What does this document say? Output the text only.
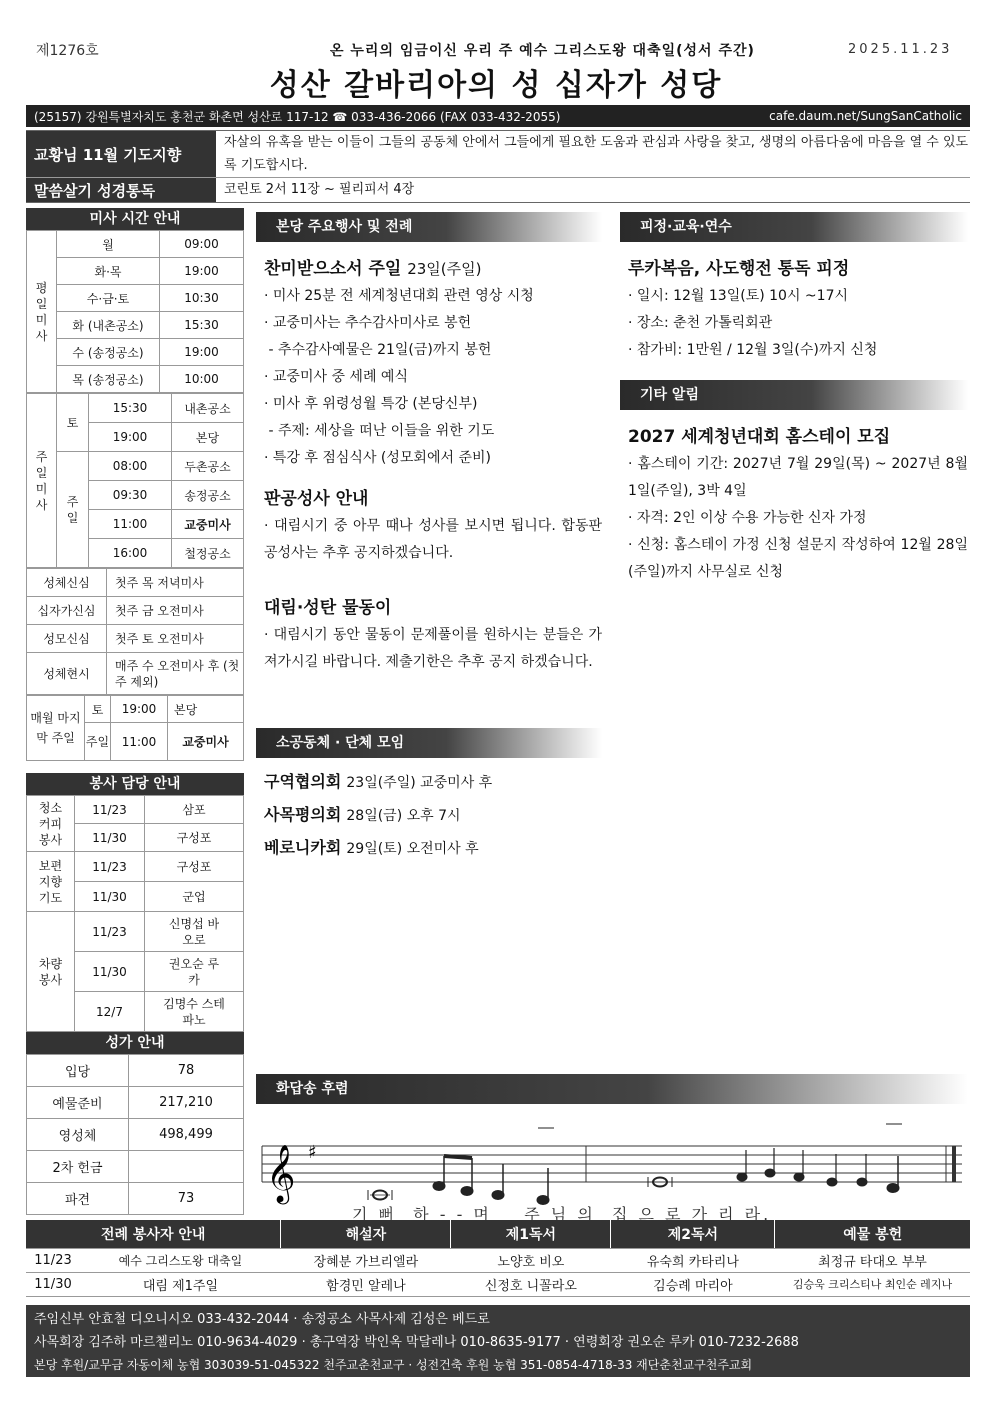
제1276호	온 누리의 임금이신 우리 주 예수 그리스도왕 대축일(성서 주간)	2025.11.23
성산 갈바리아의 성 십자가 성당
(25157) 강원특별자치도 홍천군 화촌면 성산로 117-12 ☎ 033-436-2066 (FAX 033-432-2055)	cafe.daum.net/SungSanCatholic
교황님 11월 기도지향
자살의 유혹을 받는 이들이 그들의 공동체 안에서 그들에게 필요한 도움과 관심과 사랑을 찾고, 생명의 아름다움에 마음을 열 수 있도록 기도합시다.
말씀살기 성경통독	코린토 2서 11장 ~ 필리피서 4장
미사 시간 안내
평일미사	월	09:00
	화·목	19:00
	수·금·토	10:30
	화 (내촌공소)	15:30
	수 (송정공소)	19:00
	목 (송정공소)	10:00
주일미사	토	15:30	내촌공소
		19:00	본당
	주일	08:00	두촌공소
		09:30	송정공소
		11:00	교중미사
		16:00	철정공소
성체신심	첫주 목 저녁미사
십자가신심	첫주 금 오전미사
성모신심	첫주 토 오전미사
성체현시	매주 수 오전미사 후 (첫 주 제외)
매월 마지막 주일	토	19:00	본당
	주일	11:00	교중미사
봉사 담당 안내
청소 커피 봉사	11/23	삼포
	11/30	구성포
보편 지향 기도	11/23	구성포
	11/30	군업
차량 봉사	11/23	신명섭 바오로
	11/30	권오순 루카
	12/7	김명수 스테파노
성가 안내
입당	78
예물준비	217,210
영성체	498,499
2차 헌금	
파견	73
본당 주요행사 및 전례
찬미받으소서 주일 23일(주일)
· 미사 25분 전 세계청년대회 관련 영상 시청
· 교중미사는 추수감사미사로 봉헌
- 추수감사예물은 21일(금)까지 봉헌
· 교중미사 중 세례 예식
· 미사 후 위령성월 특강 (본당신부)
- 주제: 세상을 떠난 이들을 위한 기도
· 특강 후 점심식사 (성모회에서 준비)
판공성사 안내
· 대림시기 중 아무 때나 성사를 보시면 됩니다. 합동판공성사는 추후 공지하겠습니다.
대림·성탄 물동이
· 대림시기 동안 물동이 문제풀이를 원하시는 분들은 가져가시길 바랍니다. 제출기한은 추후 공지 하겠습니다.
소공동체 · 단체 모임
구역협의회 23일(주일) 교중미사 후
사목평의회 28일(금) 오후 7시
베로니카회 29일(토) 오전미사 후
피정·교육·연수
루카복음, 사도행전 통독 피정
· 일시: 12월 13일(토) 10시 ~17시
· 장소: 춘천 가톨릭회관
· 참가비: 1만원 / 12월 3일(수)까지 신청
기타 알림
2027 세계청년대회 홈스테이 모집
· 홈스테이 기간: 2027년 7월 29일(목) ~ 2027년 8월 1일(주일), 3박 4일
· 자격: 2인 이상 수용 가능한 신자 가정
· 신청: 홈스테이 가정 신청 설문지 작성하여 12월 28일(주일)까지 사무실로 신청
화답송 후렴
𝄞 ♯
기 뻐  하 - - 며    주 님 의  집 으 로 가 리 라.
전례 봉사자 안내		해설자	제1독서	제2독서	예물 봉헌
11/23	예수 그리스도왕 대축일	장혜분 가브리엘라	노양호 비오	유숙희 카타리나	최정규 타대오 부부
11/30	대림 제1주일	함경민 알레나	신정호 니꼴라오	김승례 마리아	김승욱 크리스티나 최인순 레지나
주임신부 안효철 디오니시오 033-432-2044 · 송정공소 사목사제 김성은 베드로
사목회장 김주하 마르첼리노 010-9634-4029 · 총구역장 박인옥 막달레나 010-8635-9177 · 연령회장 권오순 루카 010-7232-2688
본당 후원/교무금 자동이체 농협 303039-51-045322 천주교춘천교구 · 성전건축 후원 농협 351-0854-4718-33 재단춘천교구천주교회
